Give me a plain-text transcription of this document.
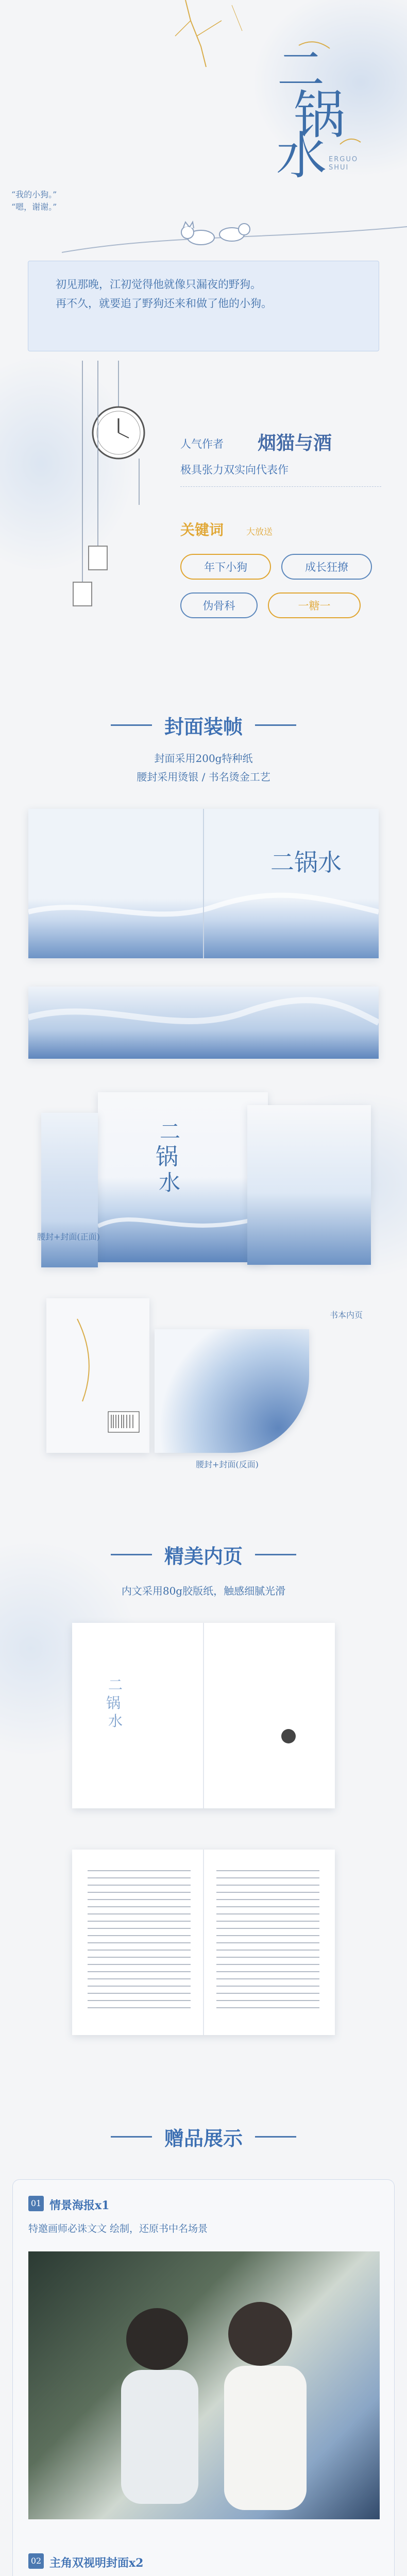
二
锅
水 ERGUO SHUI
“我的小狗。”
“嗯，谢谢。”
初见那晚，江初觉得他就像只漏夜的野狗。
再不久，就要追了野狗还来和做了他的小狗。
人气作者 烟猫与酒
极具张力双实向代表作
关键词	大放送
年下小狗	成长狂撩
伪骨科	一糖一
封面装帧
封面采用200g特种纸
腰封采用烫银 / 书名烫金工艺
二锅水
二
锅
水
腰封+封面(正面)
书本内页
腰封+封面(反面)
精美内页
内文采用80g胶版纸，触感细腻光滑
二
锅
水
赠品展示
01 情景海报x1
特邀画师必诛文文 绘制，还原书中名场景
02 主角双视明封面x2
